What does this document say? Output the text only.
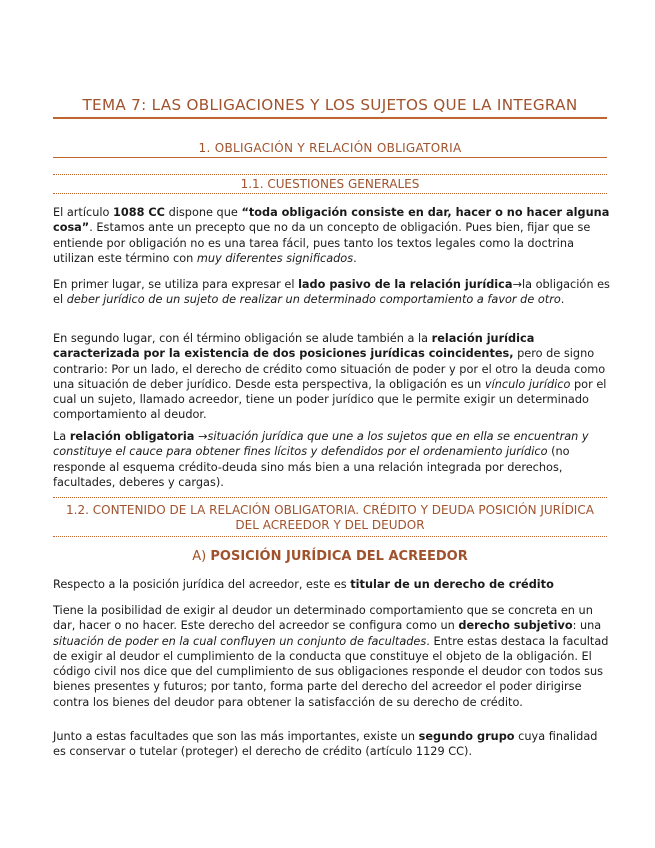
TEMA 7: LAS OBLIGACIONES Y LOS SUJETOS QUE LA INTEGRAN
1. OBLIGACIÓN Y RELACIÓN OBLIGATORIA
1.1. CUESTIONES GENERALES
El artículo 1088 CC dispone que “toda obligación consiste en dar, hacer o no hacer alguna cosa”. Estamos ante un precepto que no da un concepto de obligación. Pues bien, fijar que se entiende por obligación no es una tarea fácil, pues tanto los textos legales como la doctrina utilizan este término con muy diferentes significados.
En primer lugar, se utiliza para expresar el lado pasivo de la relación jurídica→la obligación es el deber jurídico de un sujeto de realizar un determinado comportamiento a favor de otro.
En segundo lugar, con él término obligación se alude también a la relación jurídica caracterizada por la existencia de dos posiciones jurídicas coincidentes, pero de signo contrario: Por un lado, el derecho de crédito como situación de poder y por el otro la deuda como una situación de deber jurídico. Desde esta perspectiva, la obligación es un vínculo jurídico por el cual un sujeto, llamado acreedor, tiene un poder jurídico que le permite exigir un determinado comportamiento al deudor.
La relación obligatoria →situación jurídica que une a los sujetos que en ella se encuentran y constituye el cauce para obtener fines lícitos y defendidos por el ordenamiento jurídico (no responde al esquema crédito-deuda sino más bien a una relación integrada por derechos, facultades, deberes y cargas).
1.2. CONTENIDO DE LA RELACIÓN OBLIGATORIA. CRÉDITO Y DEUDA POSICIÓN JURÍDICA DEL ACREEDOR Y DEL DEUDOR
A) POSICIÓN JURÍDICA DEL ACREEDOR
Respecto a la posición jurídica del acreedor, este es titular de un derecho de crédito
Tiene la posibilidad de exigir al deudor un determinado comportamiento que se concreta en un dar, hacer o no hacer. Este derecho del acreedor se configura como un derecho subjetivo: una situación de poder en la cual confluyen un conjunto de facultades. Entre estas destaca la facultad de exigir al deudor el cumplimiento de la conducta que constituye el objeto de la obligación. El código civil nos dice que del cumplimiento de sus obligaciones responde el deudor con todos sus bienes presentes y futuros; por tanto, forma parte del derecho del acreedor el poder dirigirse contra los bienes del deudor para obtener la satisfacción de su derecho de crédito.
Junto a estas facultades que son las más importantes, existe un segundo grupo cuya finalidad es conservar o tutelar (proteger) el derecho de crédito (artículo 1129 CC).
